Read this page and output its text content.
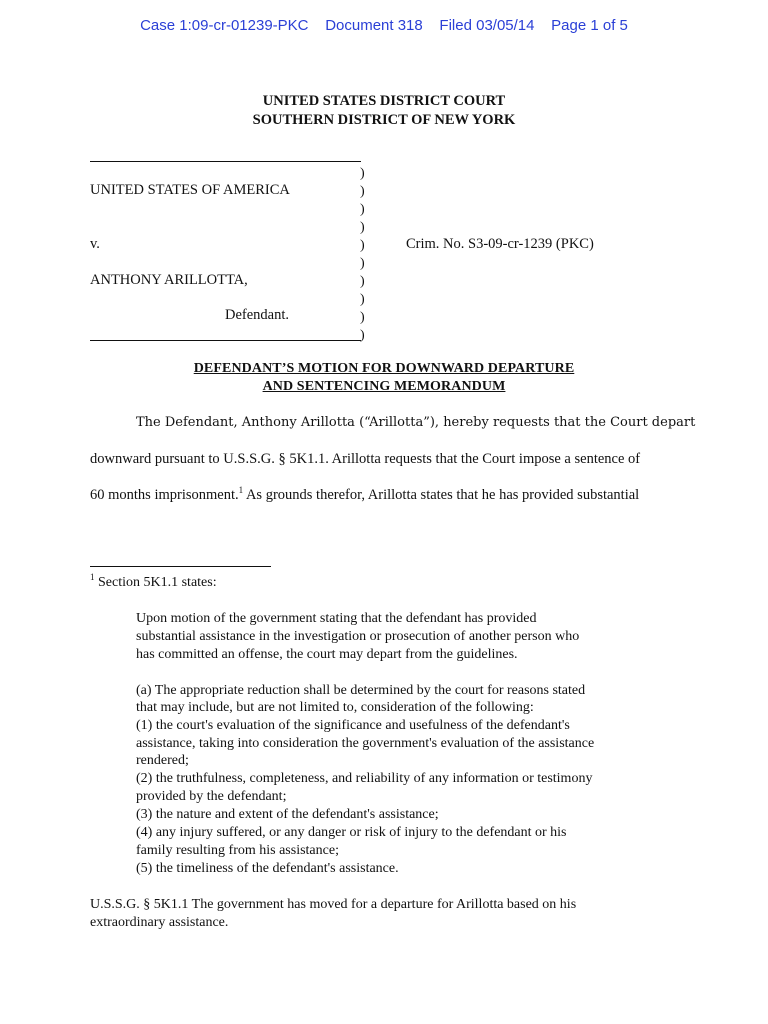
Case 1:09-cr-01239-PKC Document 318 Filed 03/05/14 Page 1 of 5
UNITED STATES DISTRICT COURT
SOUTHERN DISTRICT OF NEW YORK
UNITED STATES OF AMERICA
v.
ANTHONY ARILLOTTA,
Defendant.
)
)
)
)
)
)
)
)
)
)
Crim. No. S3-09-cr-1239 (PKC)
DEFENDANT’S MOTION FOR DOWNWARD DEPARTURE
AND SENTENCING MEMORANDUM
The Defendant, Anthony Arillotta (“Arillotta”), hereby requests that the Court depart
downward pursuant to U.S.S.G. § 5K1.1. Arillotta requests that the Court impose a sentence of
60 months imprisonment.$^1$ As grounds therefor, Arillotta states that he has provided substantial
$^1$ Section 5K1.1 states:
Upon motion of the government stating that the defendant has provided
substantial assistance in the investigation or prosecution of another person who
has committed an offense, the court may depart from the guidelines.
(a) The appropriate reduction shall be determined by the court for reasons stated
that may include, but are not limited to, consideration of the following:
(1) the court's evaluation of the significance and usefulness of the defendant's
assistance, taking into consideration the government's evaluation of the assistance
rendered;
(2) the truthfulness, completeness, and reliability of any information or testimony
provided by the defendant;
(3) the nature and extent of the defendant's assistance;
(4) any injury suffered, or any danger or risk of injury to the defendant or his
family resulting from his assistance;
(5) the timeliness of the defendant's assistance.
U.S.S.G. § 5K1.1 The government has moved for a departure for Arillotta based on his
extraordinary assistance.
